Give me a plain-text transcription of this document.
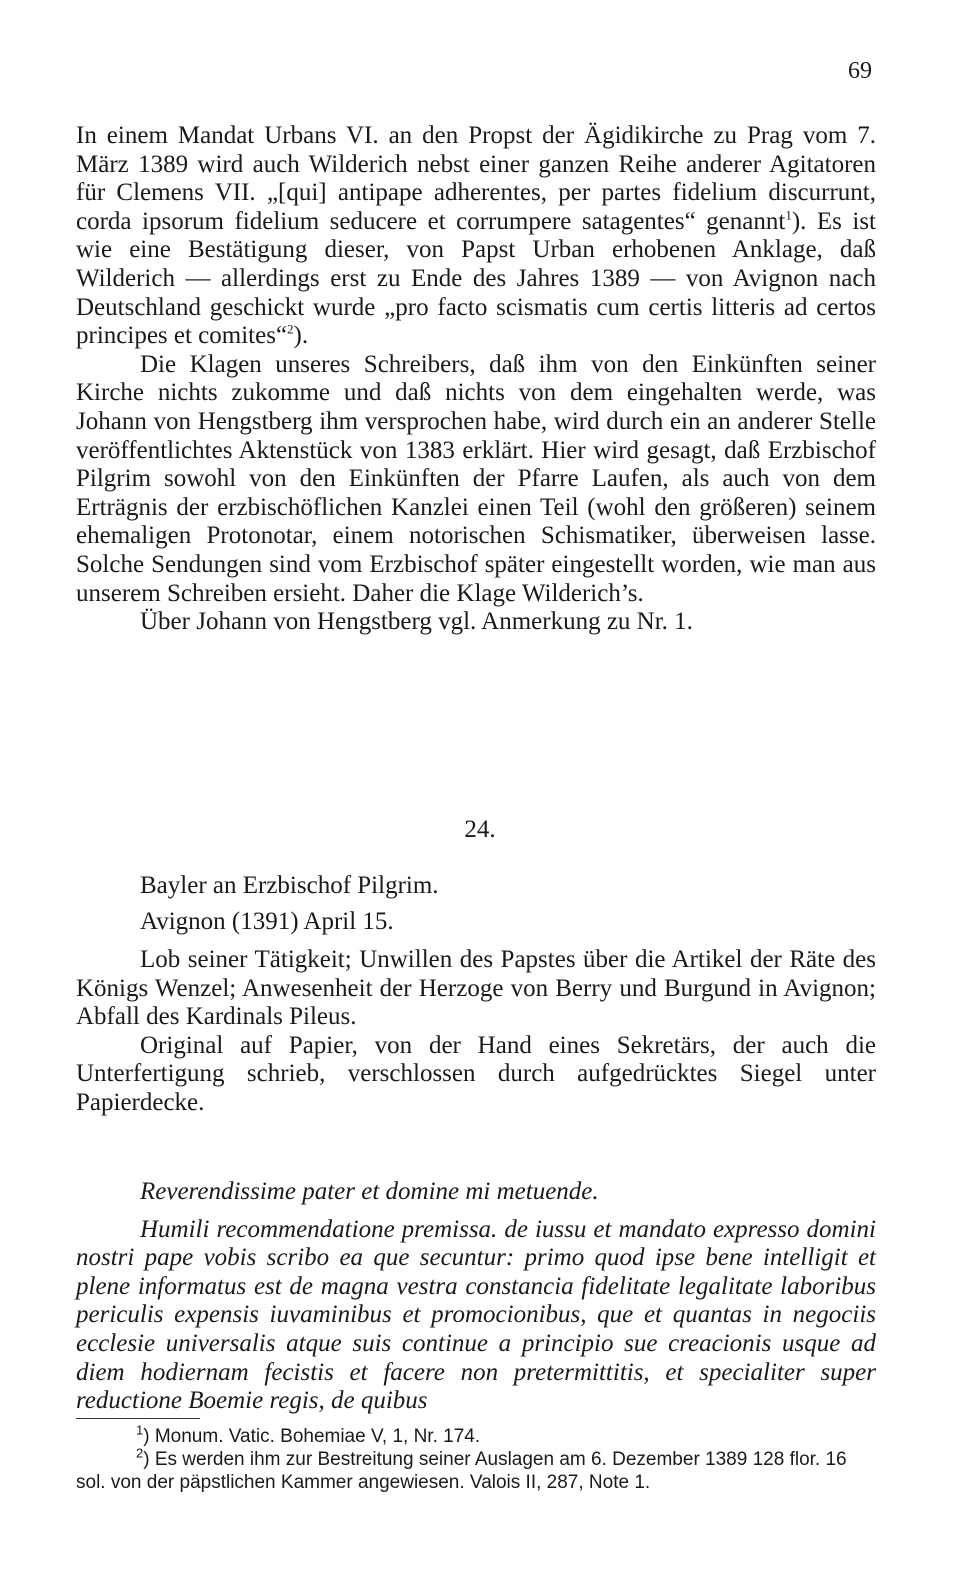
69

In einem Mandat Urbans VI. an den Propst der Ägidikirche zu Prag vom 7. März 1389 wird auch Wilderich nebst einer ganzen Reihe anderer Agitatoren für Clemens VII. „[qui] antipape adherentes, per partes fidelium discurrunt, corda ipsorum fidelium seducere et corrumpere satagentes“ genannt$^1$). Es ist wie eine Bestätigung dieser, von Papst Urban erhobenen Anklage, daß Wilderich — allerdings erst zu Ende des Jahres 1389 — von Avignon nach Deutschland geschickt wurde „pro facto scismatis cum certis litteris ad certos principes et comites“$^2$).

Die Klagen unseres Schreibers, daß ihm von den Einkünften seiner Kirche nichts zukomme und daß nichts von dem eingehalten werde, was Johann von Hengstberg ihm versprochen habe, wird durch ein an anderer Stelle veröffentlichtes Aktenstück von 1383 erklärt. Hier wird gesagt, daß Erzbischof Pilgrim sowohl von den Einkünften der Pfarre Laufen, als auch von dem Erträgnis der erzbischöflichen Kanzlei einen Teil (wohl den größeren) seinem ehemaligen Protonotar, einem notorischen Schismatiker, überweisen lasse. Solche Sendungen sind vom Erzbischof später eingestellt worden, wie man aus unserem Schreiben ersieht. Daher die Klage Wilderich’s.

Über Johann von Hengstberg vgl. Anmerkung zu Nr. 1.

24.
Bayler an Erzbischof Pilgrim.
Avignon (1391) April 15.

Lob seiner Tätigkeit; Unwillen des Papstes über die Artikel der Räte des Königs Wenzel; Anwesenheit der Herzoge von Berry und Burgund in Avignon; Abfall des Kardinals Pileus.

Original auf Papier, von der Hand eines Sekretärs, der auch die Unterfertigung schrieb, verschlossen durch aufgedrücktes Siegel unter Papierdecke.

Reverendissime pater et domine mi metuende.

Humili recommendatione premissa. de iussu et mandato expresso domini nostri pape vobis scribo ea que secuntur: primo quod ipse bene intelligit et plene informatus est de magna vestra constancia fidelitate legalitate laboribus periculis expensis iuvaminibus et promocionibus, que et quantas in negociis ecclesie universalis atque suis continue a principio sue creacionis usque ad diem hodiernam fecistis et facere non pretermittitis, et specialiter super reductione Boemie regis, de quibus

$^1$) Monum. Vatic. Bohemiae V, 1, Nr. 174.

$^2$) Es werden ihm zur Bestreitung seiner Auslagen am 6. Dezember 1389 128 flor. 16 sol. von der päpstlichen Kammer angewiesen. Valois II, 287, Note 1.
